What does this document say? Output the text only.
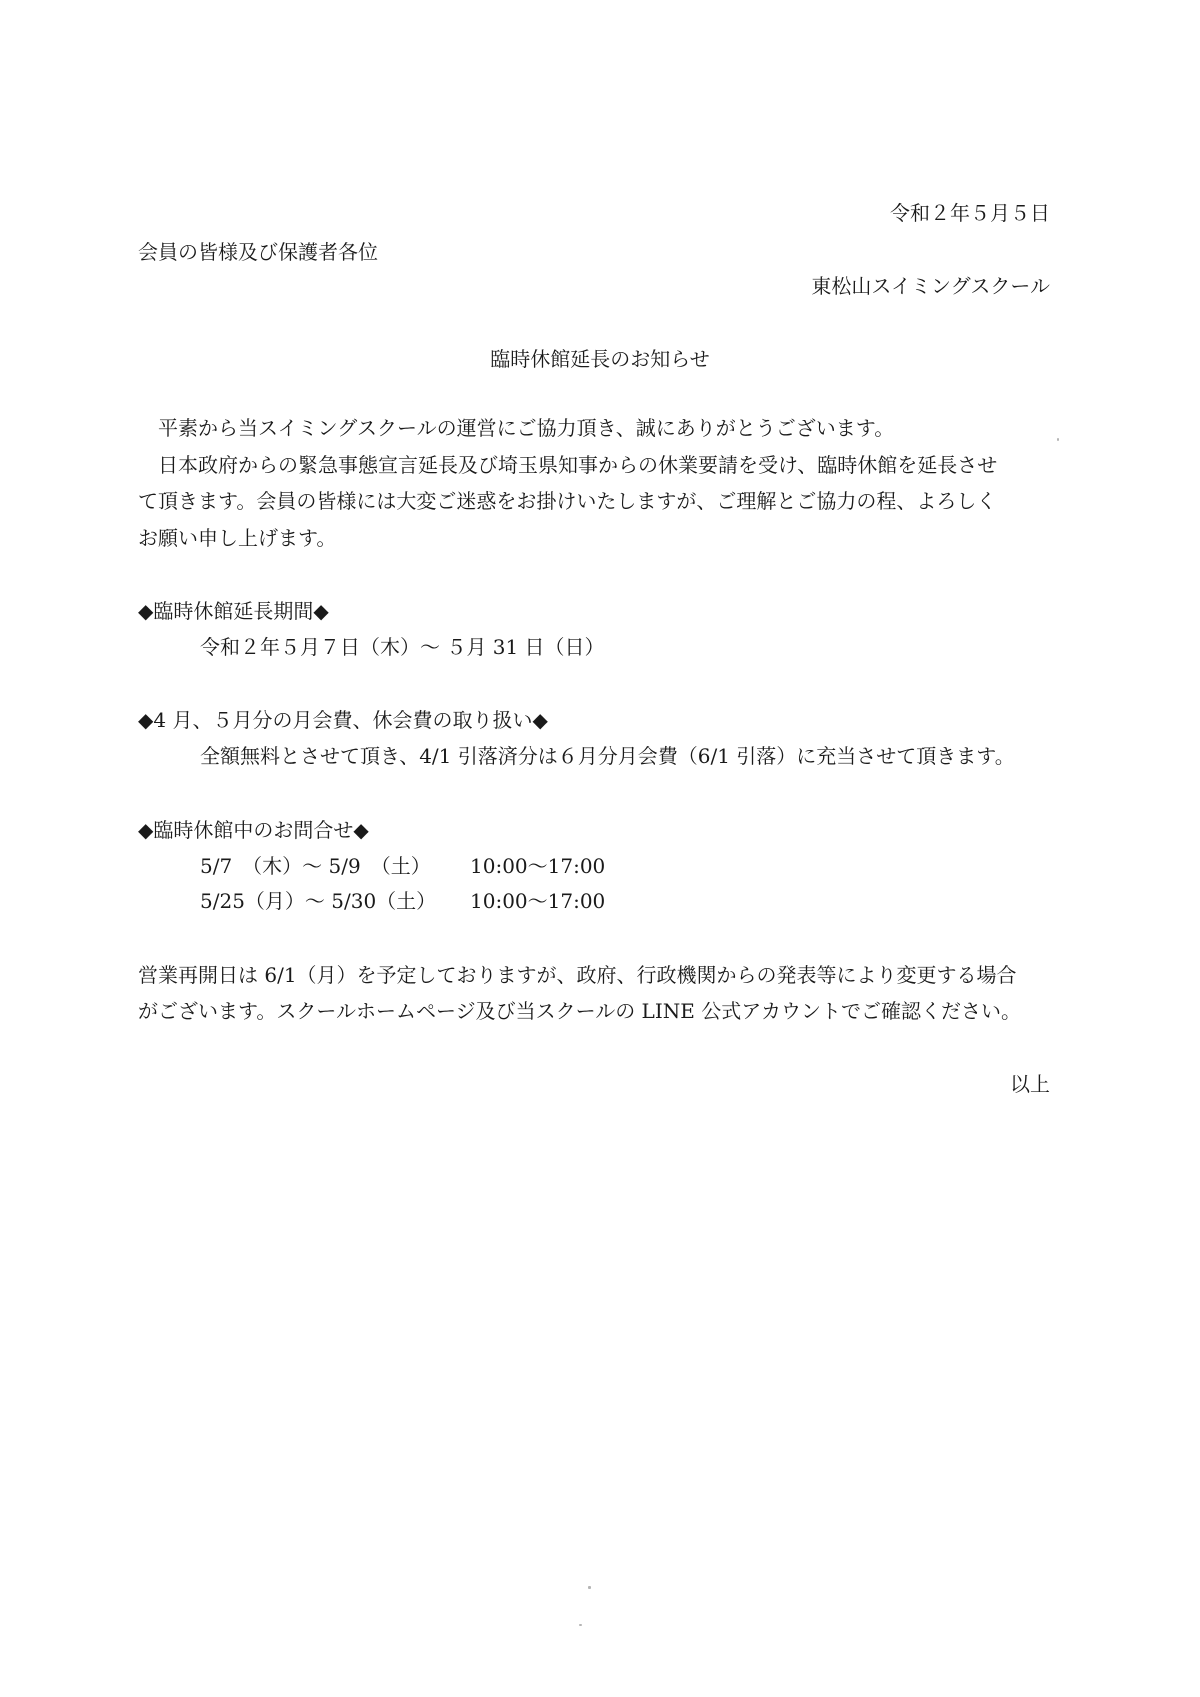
令和２年５月５日
会員の皆様及び保護者各位
東松山スイミングスクール
臨時休館延長のお知らせ
　平素から当スイミングスクールの運営にご協力頂き、誠にありがとうございます。
　日本政府からの緊急事態宣言延長及び埼玉県知事からの休業要請を受け、臨時休館を延長させ
て頂きます。会員の皆様には大変ご迷惑をお掛けいたしますが、ご理解とご協力の程、よろしく
お願い申し上げます。
◆臨時休館延長期間◆
令和２年５月７日（木）～ ５月 31 日（日）
◆4 月、５月分の月会費、休会費の取り扱い◆
全額無料とさせて頂き、4/1 引落済分は６月分月会費（6/1 引落）に充当させて頂きます。
◆臨時休館中のお問合せ◆
5/7　（木）～ 5/9　（土） 10:00～17:00
5/25（月）～ 5/30（土） 10:00～17:00
営業再開日は 6/1（月）を予定しておりますが、政府、行政機関からの発表等により変更する場合
がございます。スクールホームページ及び当スクールの LINE 公式アカウントでご確認ください。
以上
